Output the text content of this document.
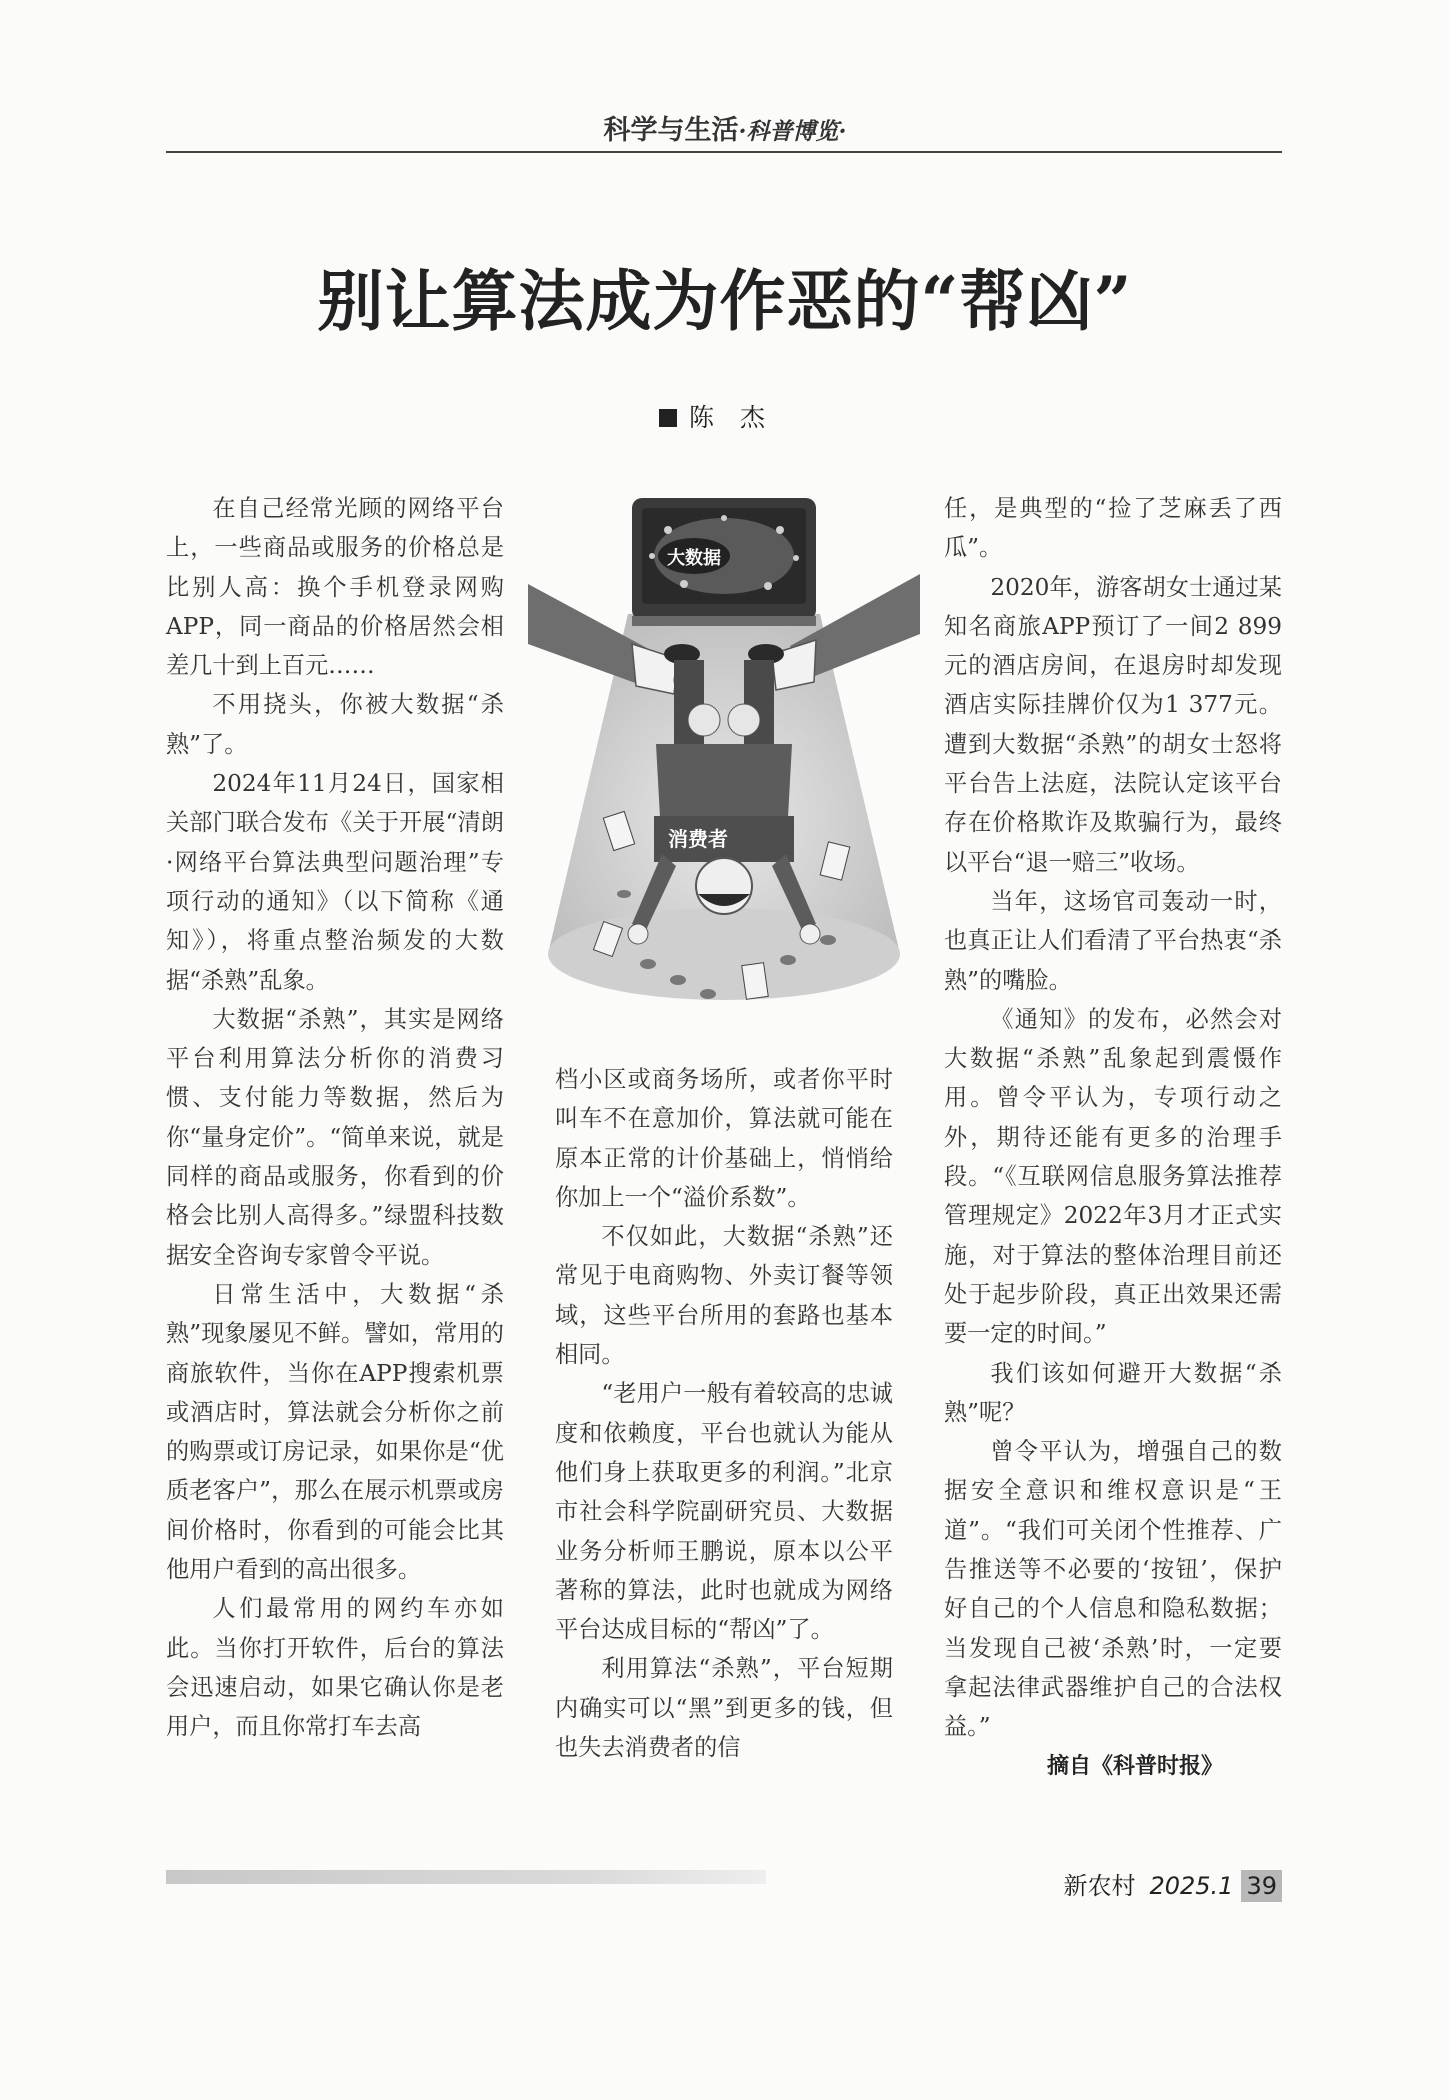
科学与生活·科普博览·
别让算法成为作恶的“帮凶”
陈杰

在自己经常光顾的网络平台上，一些商品或服务的价格总是比别人高：换个手机登录网购APP，同一商品的价格居然会相差几十到上百元……

不用挠头，你被大数据“杀熟”了。

2024年11月24日，国家相关部门联合发布《关于开展“清朗·网络平台算法典型问题治理”专项行动的通知》（以下简称《通知》），将重点整治频发的大数据“杀熟”乱象。

大数据“杀熟”，其实是网络平台利用算法分析你的消费习惯、支付能力等数据，然后为你“量身定价”。“简单来说，就是同样的商品或服务，你看到的价格会比别人高得多。”绿盟科技数据安全咨询专家曾令平说。

日常生活中，大数据“杀熟”现象屡见不鲜。譬如，常用的商旅软件，当你在APP搜索机票或酒店时，算法就会分析你之前的购票或订房记录，如果你是“优质老客户”，那么在展示机票或房间价格时，你看到的可能会比其他用户看到的高出很多。

人们最常用的网约车亦如此。当你打开软件，后台的算法会迅速启动，如果它确认你是老用户，而且你常打车去高

档小区或商务场所，或者你平时叫车不在意加价，算法就可能在原本正常的计价基础上，悄悄给你加上一个“溢价系数”。

不仅如此，大数据“杀熟”还常见于电商购物、外卖订餐等领域，这些平台所用的套路也基本相同。

“老用户一般有着较高的忠诚度和依赖度，平台也就认为能从他们身上获取更多的利润。”北京市社会科学院副研究员、大数据业务分析师王鹏说，原本以公平著称的算法，此时也就成为网络平台达成目标的“帮凶”了。

利用算法“杀熟”，平台短期内确实可以“黑”到更多的钱，但也失去消费者的信

任，是典型的“捡了芝麻丢了西瓜”。

2020年，游客胡女士通过某知名商旅APP预订了一间2 899元的酒店房间，在退房时却发现酒店实际挂牌价仅为1 377元。遭到大数据“杀熟”的胡女士怒将平台告上法庭，法院认定该平台存在价格欺诈及欺骗行为，最终以平台“退一赔三”收场。

当年，这场官司轰动一时，也真正让人们看清了平台热衷“杀熟”的嘴脸。

《通知》的发布，必然会对大数据“杀熟”乱象起到震慑作用。曾令平认为，专项行动之外，期待还能有更多的治理手段。“《互联网信息服务算法推荐管理规定》2022年3月才正式实施，对于算法的整体治理目前还处于起步阶段，真正出效果还需要一定的时间。”

我们该如何避开大数据“杀熟”呢？

曾令平认为，增强自己的数据安全意识和维权意识是“王道”。“我们可关闭个性推荐、广告推送等不必要的‘按钮’，保护好自己的个人信息和隐私数据；当发现自己被‘杀熟’时，一定要拿起法律武器维护自己的合法权益。”

摘自《科普时报》

大数据
消费者
新农村 2025.1 39
